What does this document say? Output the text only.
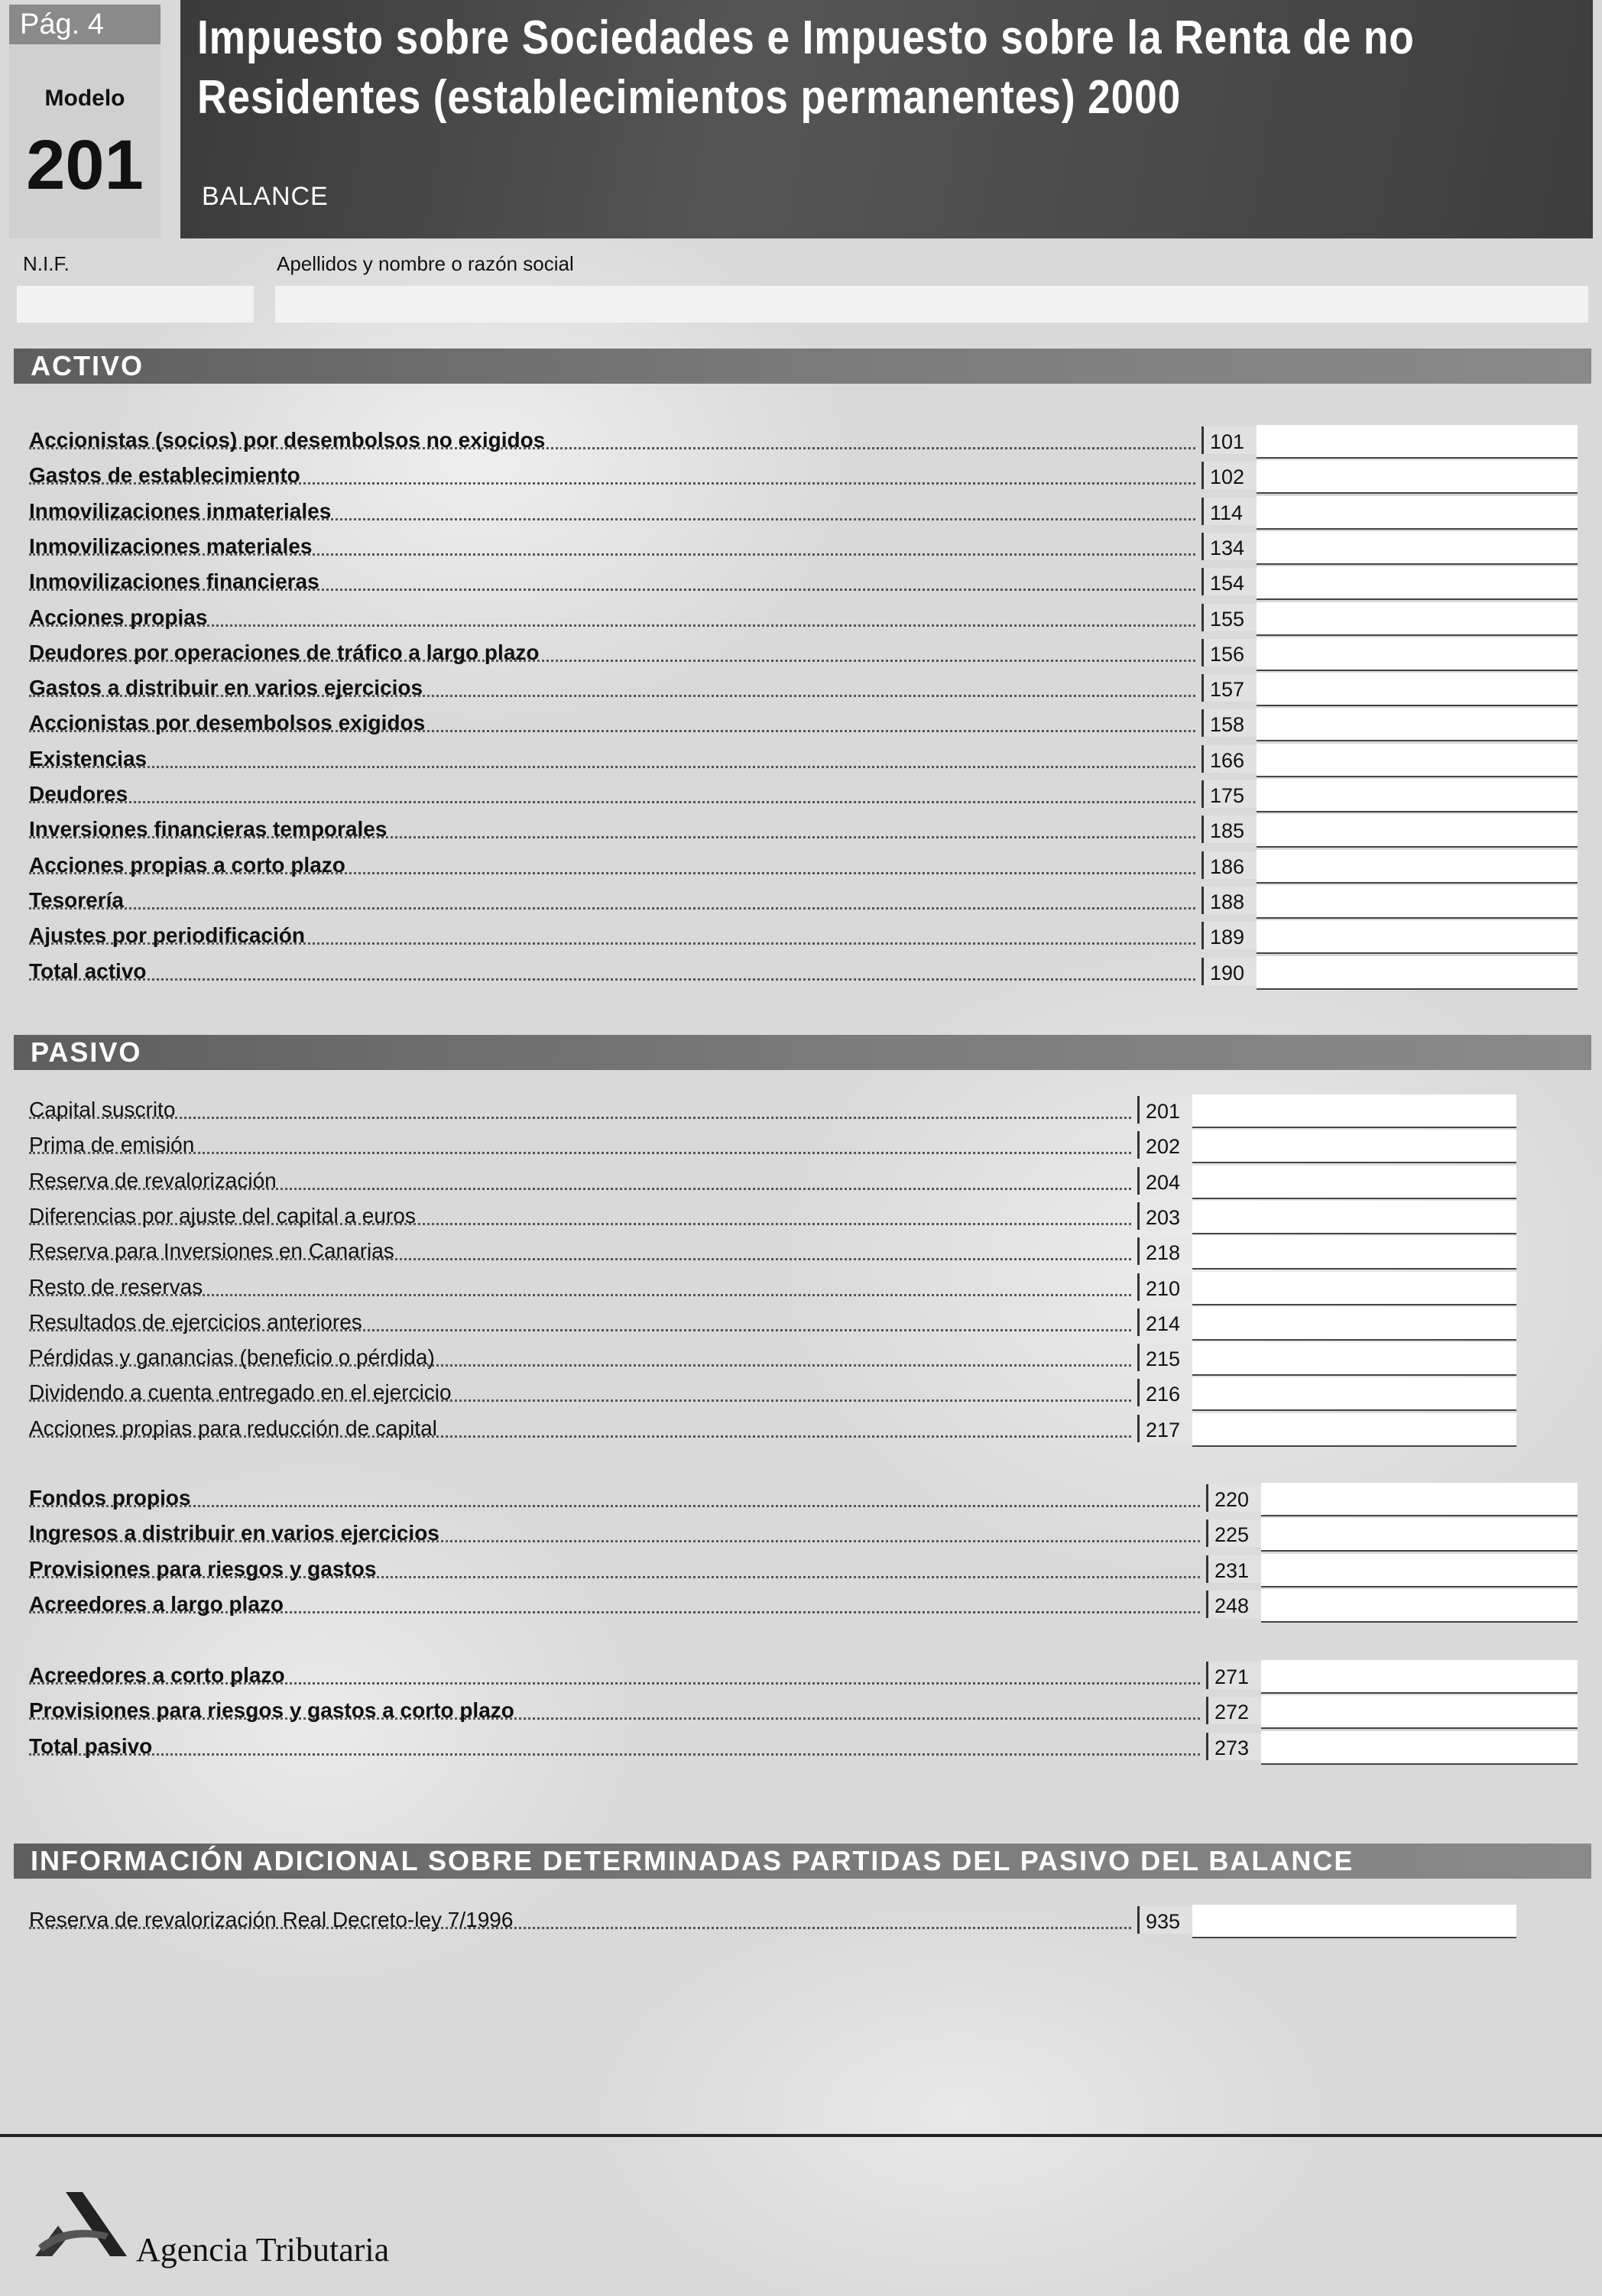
Pág. 4
Modelo
201
Impuesto sobre Sociedades e Impuesto sobre la Renta de no
Residentes (establecimientos permanentes) 2000
BALANCE
N.I.F.	Apellidos y nombre o razón social
ACTIVO
Accionistas (socios) por desembolsos no exigidos	101
Gastos de establecimiento	102
Inmovilizaciones inmateriales	114
Inmovilizaciones materiales	134
Inmovilizaciones financieras	154
Acciones propias	155
Deudores por operaciones de tráfico a largo plazo	156
Gastos a distribuir en varios ejercicios	157
Accionistas por desembolsos exigidos	158
Existencias	166
Deudores	175
Inversiones financieras temporales	185
Acciones propias a corto plazo	186
Tesorería	188
Ajustes por periodificación	189
Total activo	190
PASIVO
Capital suscrito	201
Prima de emisión	202
Reserva de revalorización	204
Diferencias por ajuste del capital a euros	203
Reserva para Inversiones en Canarias	218
Resto de reservas	210
Resultados de ejercicios anteriores	214
Pérdidas y ganancias (beneficio o pérdida)	215
Dividendo a cuenta entregado en el ejercicio	216
Acciones propias para reducción de capital	217
Fondos propios	220
Ingresos a distribuir en varios ejercicios	225
Provisiones para riesgos y gastos	231
Acreedores a largo plazo	248
Acreedores a corto plazo	271
Provisiones para riesgos y gastos a corto plazo	272
Total pasivo	273
INFORMACIÓN ADICIONAL SOBRE DETERMINADAS PARTIDAS DEL PASIVO DEL BALANCE
Reserva de revalorización Real Decreto-ley 7/1996	935
Agencia Tributaria
